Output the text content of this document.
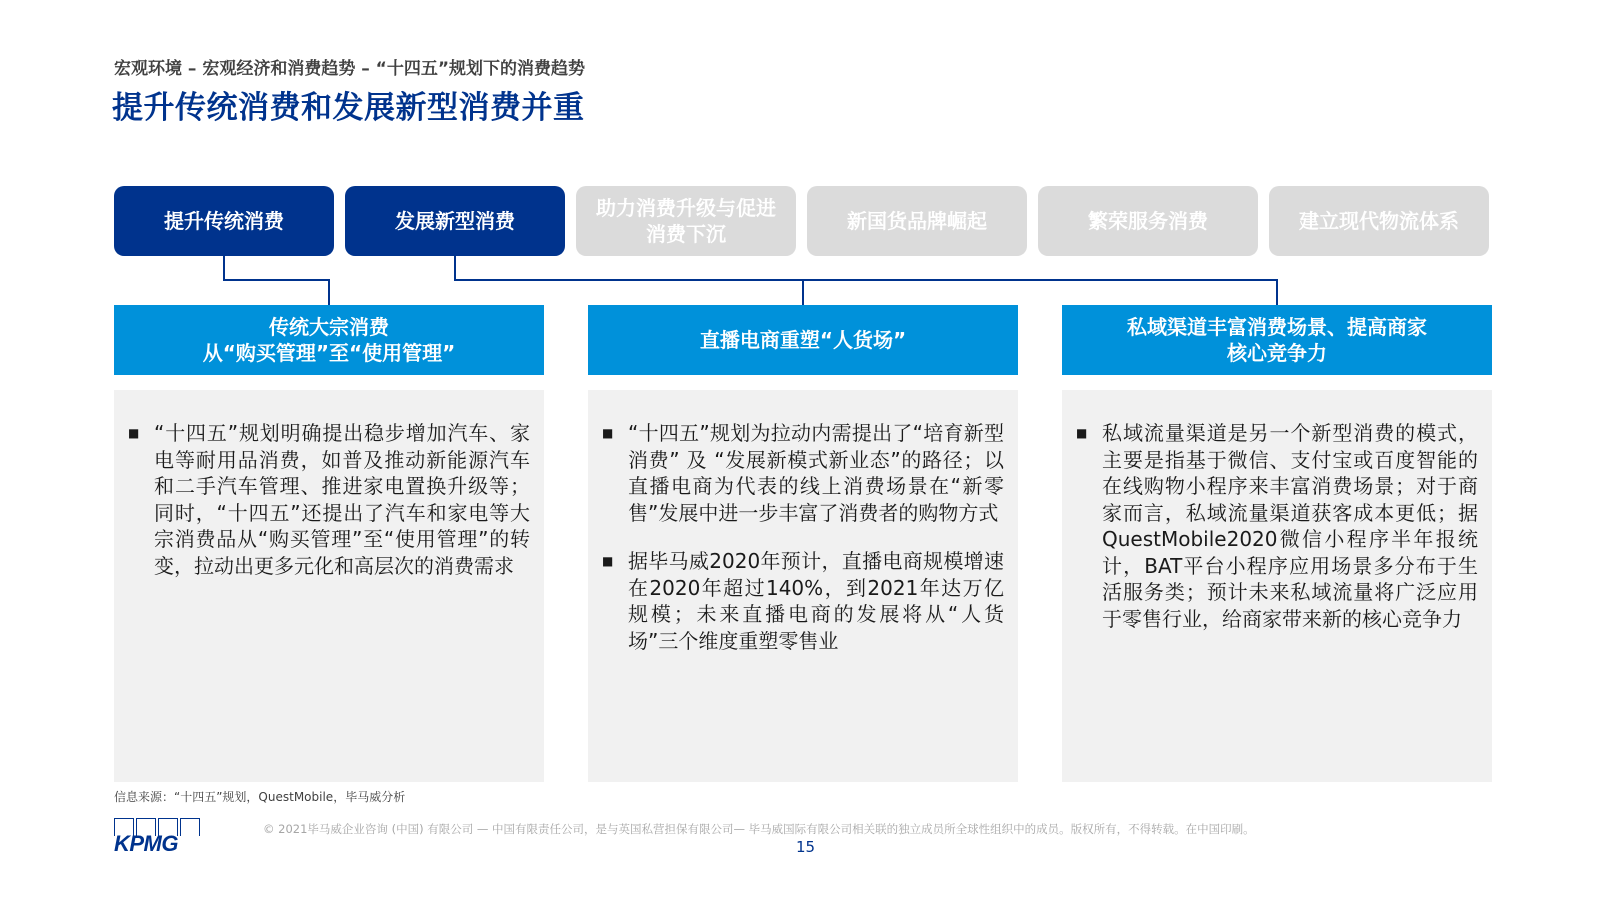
宏观环境 – 宏观经济和消费趋势 – “十四五”规划下的消费趋势
提升传统消费和发展新型消费并重
提升传统消费	发展新型消费
助力消费升级与促进消费下沉
新国货品牌崛起	繁荣服务消费	建立现代物流体系
传统大宗消费
从“购买管理”至“使用管理”
■ “十四五”规划明确提出稳步增加汽车、家电等耐用品消费，如普及推动新能源汽车和二手汽车管理、推进家电置换升级等；同时，“十四五”还提出了汽车和家电等大宗消费品从“购买管理”至“使用管理”的转变，拉动出更多元化和高层次的消费需求
直播电商重塑“人货场”
■ “十四五”规划为拉动内需提出了“培育新型消费” 及 “发展新模式新业态”的路径；以直播电商为代表的线上消费场景在“新零售”发展中进一步丰富了消费者的购物方式
■ 据毕马威2020年预计，直播电商规模增速在2020年超过140%，到2021年达万亿规模；未来直播电商的发展将从“人货场”三个维度重塑零售业
私域渠道丰富消费场景、提高商家
核心竞争力
■ 私域流量渠道是另一个新型消费的模式，主要是指基于微信、支付宝或百度智能的在线购物小程序来丰富消费场景；对于商家而言，私域流量渠道获客成本更低；据QuestMobile2020微信小程序半年报统计，BAT平台小程序应用场景多分布于生活服务类；预计未来私域流量将广泛应用于零售行业，给商家带来新的核心竞争力
信息来源：“十四五”规划，QuestMobile，毕马威分析
KPMG
© 2021毕马威企业咨询 (中国) 有限公司 — 中国有限责任公司，是与英国私营担保有限公司— 毕马威国际有限公司相关联的独立成员所全球性组织中的成员。版权所有，不得转载。在中国印刷。
15
